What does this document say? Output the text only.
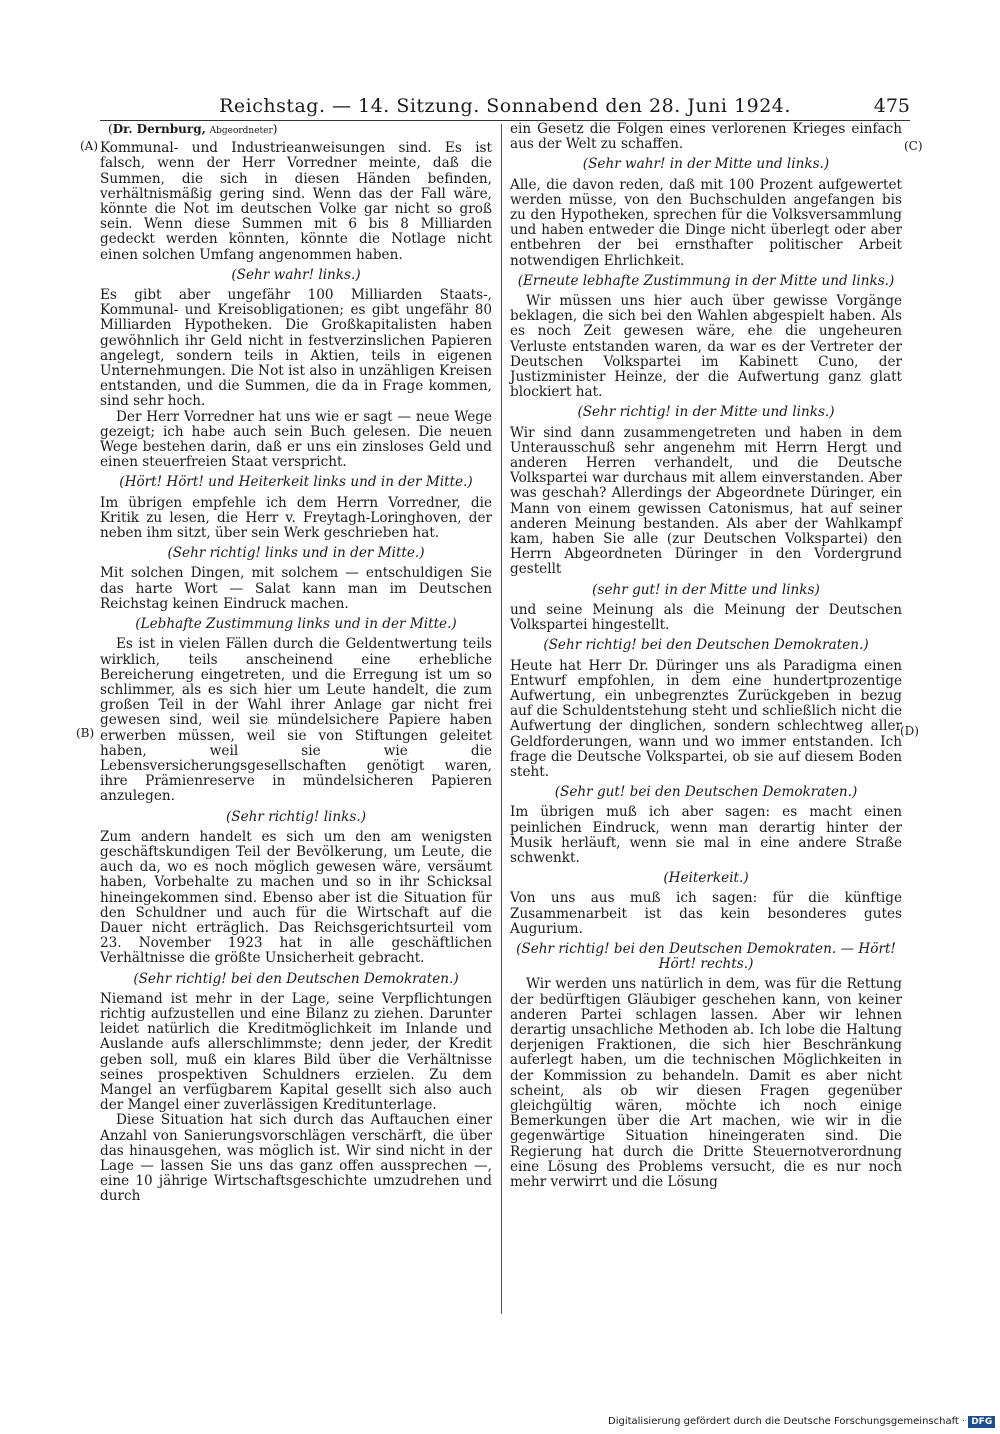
Reichstag. — 14. Sitzung. Sonnabend den 28. Juni 1924.	475
(A)
(B)
(C)
(D)
(Dr. Dernburg, Abgeordneter)
Kommunal- und Industrieanweisungen sind. Es ist falsch, wenn der Herr Vorredner meinte, daß die Summen, die sich in diesen Händen befinden, verhältnismäßig gering sind. Wenn das der Fall wäre, könnte die Not im deutschen Volke gar nicht so groß sein. Wenn diese Summen mit 6 bis 8 Milliarden gedeckt werden könnten, könnte die Notlage nicht einen solchen Umfang angenommen haben.
(Sehr wahr! links.)
Es gibt aber ungefähr 100 Milliarden Staats-, Kommunal- und Kreisobligationen; es gibt ungefähr 80 Milliarden Hypotheken. Die Großkapitalisten haben gewöhnlich ihr Geld nicht in festverzinslichen Papieren angelegt, sondern teils in Aktien, teils in eigenen Unternehmungen. Die Not ist also in unzähligen Kreisen entstanden, und die Summen, die da in Frage kommen, sind sehr hoch.
Der Herr Vorredner hat uns wie er sagt — neue Wege gezeigt; ich habe auch sein Buch gelesen. Die neuen Wege bestehen darin, daß er uns ein zinsloses Geld und einen steuerfreien Staat verspricht.
(Hört! Hört! und Heiterkeit links und in der Mitte.)
Im übrigen empfehle ich dem Herrn Vorredner, die Kritik zu lesen, die Herr v. Freytagh-Loringhoven, der neben ihm sitzt, über sein Werk geschrieben hat.
(Sehr richtig! links und in der Mitte.)
Mit solchen Dingen, mit solchem — entschuldigen Sie das harte Wort — Salat kann man im Deutschen Reichstag keinen Eindruck machen.
(Lebhafte Zustimmung links und in der Mitte.)
Es ist in vielen Fällen durch die Geldentwertung teils wirklich, teils anscheinend eine erhebliche Bereicherung eingetreten, und die Erregung ist um so schlimmer, als es sich hier um Leute handelt, die zum großen Teil in der Wahl ihrer Anlage gar nicht frei gewesen sind, weil sie mündelsichere Papiere haben erwerben müssen, weil sie von Stiftungen geleitet haben, weil sie wie die Lebensversicherungsgesellschaften genötigt waren, ihre Prämienreserve in mündelsicheren Papieren anzulegen.
(Sehr richtig! links.)
Zum andern handelt es sich um den am wenigsten geschäftskundigen Teil der Bevölkerung, um Leute, die auch da, wo es noch möglich gewesen wäre, versäumt haben, Vorbehalte zu machen und so in ihr Schicksal hineingekommen sind. Ebenso aber ist die Situation für den Schuldner und auch für die Wirtschaft auf die Dauer nicht erträglich. Das Reichsgerichtsurteil vom 23. November 1923 hat in alle geschäftlichen Verhältnisse die größte Unsicherheit gebracht.
(Sehr richtig! bei den Deutschen Demokraten.)
Niemand ist mehr in der Lage, seine Verpflichtungen richtig aufzustellen und eine Bilanz zu ziehen. Darunter leidet natürlich die Kreditmöglichkeit im Inlande und Auslande aufs allerschlimmste; denn jeder, der Kredit geben soll, muß ein klares Bild über die Verhältnisse seines prospektiven Schuldners erzielen. Zu dem Mangel an verfügbarem Kapital gesellt sich also auch der Mangel einer zuverlässigen Kreditunterlage.
Diese Situation hat sich durch das Auftauchen einer Anzahl von Sanierungsvorschlägen verschärft, die über das hinausgehen, was möglich ist. Wir sind nicht in der Lage — lassen Sie uns das ganz offen aussprechen —, eine 10 jährige Wirtschaftsgeschichte umzudrehen und durch
ein Gesetz die Folgen eines verlorenen Krieges einfach aus der Welt zu schaffen.
(Sehr wahr! in der Mitte und links.)
Alle, die davon reden, daß mit 100 Prozent aufgewertet werden müsse, von den Buchschulden angefangen bis zu den Hypotheken, sprechen für die Volksversammlung und haben entweder die Dinge nicht überlegt oder aber entbehren der bei ernsthafter politischer Arbeit notwendigen Ehrlichkeit.
(Erneute lebhafte Zustimmung in der Mitte und links.)
Wir müssen uns hier auch über gewisse Vorgänge beklagen, die sich bei den Wahlen abgespielt haben. Als es noch Zeit gewesen wäre, ehe die ungeheuren Verluste entstanden waren, da war es der Vertreter der Deutschen Volkspartei im Kabinett Cuno, der Justizminister Heinze, der die Aufwertung ganz glatt blockiert hat.
(Sehr richtig! in der Mitte und links.)
Wir sind dann zusammengetreten und haben in dem Unterausschuß sehr angenehm mit Herrn Hergt und anderen Herren verhandelt, und die Deutsche Volkspartei war durchaus mit allem einverstanden. Aber was geschah? Allerdings der Abgeordnete Düringer, ein Mann von einem gewissen Catonismus, hat auf seiner anderen Meinung bestanden. Als aber der Wahlkampf kam, haben Sie alle (zur Deutschen Volkspartei) den Herrn Abgeordneten Düringer in den Vordergrund gestellt
(sehr gut! in der Mitte und links)
und seine Meinung als die Meinung der Deutschen Volkspartei hingestellt.
(Sehr richtig! bei den Deutschen Demokraten.)
Heute hat Herr Dr. Düringer uns als Paradigma einen Entwurf empfohlen, in dem eine hundertprozentige Aufwertung, ein unbegrenztes Zurückgeben in bezug auf die Schuldentstehung steht und schließlich nicht die Aufwertung der dinglichen, sondern schlechtweg aller Geldforderungen, wann und wo immer entstanden. Ich frage die Deutsche Volkspartei, ob sie auf diesem Boden steht.
(Sehr gut! bei den Deutschen Demokraten.)
Im übrigen muß ich aber sagen: es macht einen peinlichen Eindruck, wenn man derartig hinter der Musik herläuft, wenn sie mal in eine andere Straße schwenkt.
(Heiterkeit.)
Von uns aus muß ich sagen: für die künftige Zusammenarbeit ist das kein besonderes gutes Augurium.
(Sehr richtig! bei den Deutschen Demokraten. — Hört! Hört! rechts.)
Wir werden uns natürlich in dem, was für die Rettung der bedürftigen Gläubiger geschehen kann, von keiner anderen Partei schlagen lassen. Aber wir lehnen derartig unsachliche Methoden ab. Ich lobe die Haltung derjenigen Fraktionen, die sich hier Beschränkung auferlegt haben, um die technischen Möglichkeiten in der Kommission zu behandeln. Damit es aber nicht scheint, als ob wir diesen Fragen gegenüber gleichgültig wären, möchte ich noch einige Bemerkungen über die Art machen, wie wir in die gegenwärtige Situation hineingeraten sind. Die Regierung hat durch die Dritte Steuernotverordnung eine Lösung des Problems versucht, die es nur noch mehr verwirrt und die Lösung
Digitalisierung gefördert durch die Deutsche Forschungsgemeinschaft · DFG
